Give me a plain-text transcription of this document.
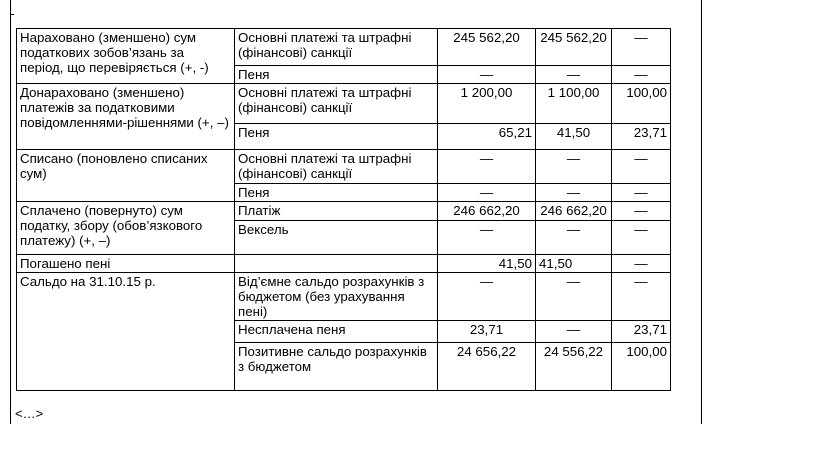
Нараховано (зменшено) сум податкових зобов’язань за період, що перевіряється (+, -)	Основні платежі та штрафні (фінансові) санкції	245 562,20	245 562,20	—
	Пеня	—	—	—
Донараховано (зменшено) платежів за податковими повідомленнями-рішеннями (+, –)	Основні платежі та штрафні (фінансові) санкції	1 200,00	1 100,00	100,00
	Пеня	65,21	41,50	23,71
Списано (поновлено списаних сум)	Основні платежі та штрафні (фінансові) санкції	—	—	—
	Пеня	—	—	—
Сплачено (повернуто) сум податку, збору (обов’язкового платежу) (+, –)	Платіж	246 662,20	246 662,20	—
	Вексель	—	—	—
Погашено пені		41,50	41,50	—
Сальдо на 31.10.15 р.	Від’ємне сальдо розрахунків з бюджетом (без урахування пені)	—	—	—
	Несплачена пеня	23,71	—	23,71
	Позитивне сальдо розрахунків з бюджетом	24 656,22	24 556,22	100,00
<…>
